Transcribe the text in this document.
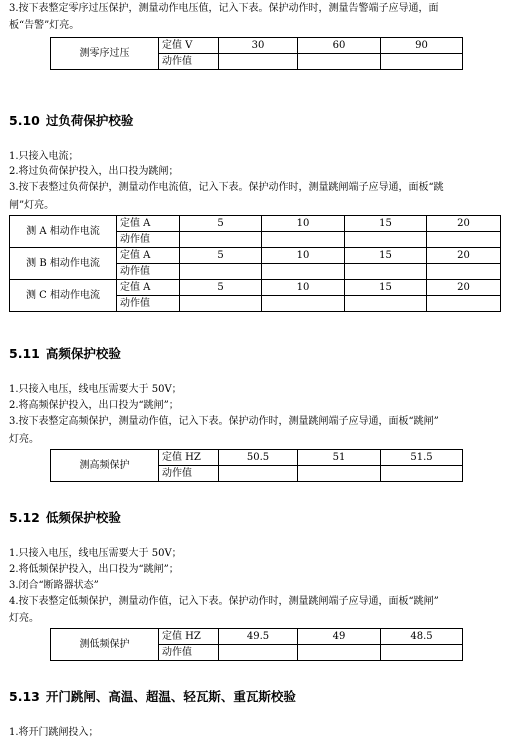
3.按下表整定零序过压保护，测量动作电压值，记入下表。保护动作时，测量告警端子应导通，面
板“告警”灯亮。
测零序过压	定值 V	30	60	90
	动作值			
5.10 过负荷保护校验
1.只接入电流；
2.将过负荷保护投入，出口投为跳闸；
3.按下表整过负荷保护，测量动作电流值，记入下表。保护动作时，测量跳闸端子应导通，面板“跳
闸”灯亮。
测 A 相动作电流	定值 A	5	10	15	20
	动作值				
测 B 相动作电流	定值 A	5	10	15	20
	动作值				
测 C 相动作电流	定值 A	5	10	15	20
	动作值				
5.11 高频保护校验
1.只接入电压，线电压需要大于 50V；
2.将高频保护投入，出口投为“跳闸”；
3.按下表整定高频保护，测量动作值，记入下表。保护动作时，测量跳闸端子应导通，面板“跳闸”
灯亮。
测高频保护	定值 HZ	50.5	51	51.5
	动作值			
5.12 低频保护校验
1.只接入电压，线电压需要大于 50V；
2.将低频保护投入，出口投为“跳闸”；
3.闭合“断路器状态”
4.按下表整定低频保护，测量动作值，记入下表。保护动作时，测量跳闸端子应导通，面板“跳闸”
灯亮。
测低频保护	定值 HZ	49.5	49	48.5
	动作值			
5.13 开门跳闸、高温、超温、轻瓦斯、重瓦斯校验
1.将开门跳闸投入；
